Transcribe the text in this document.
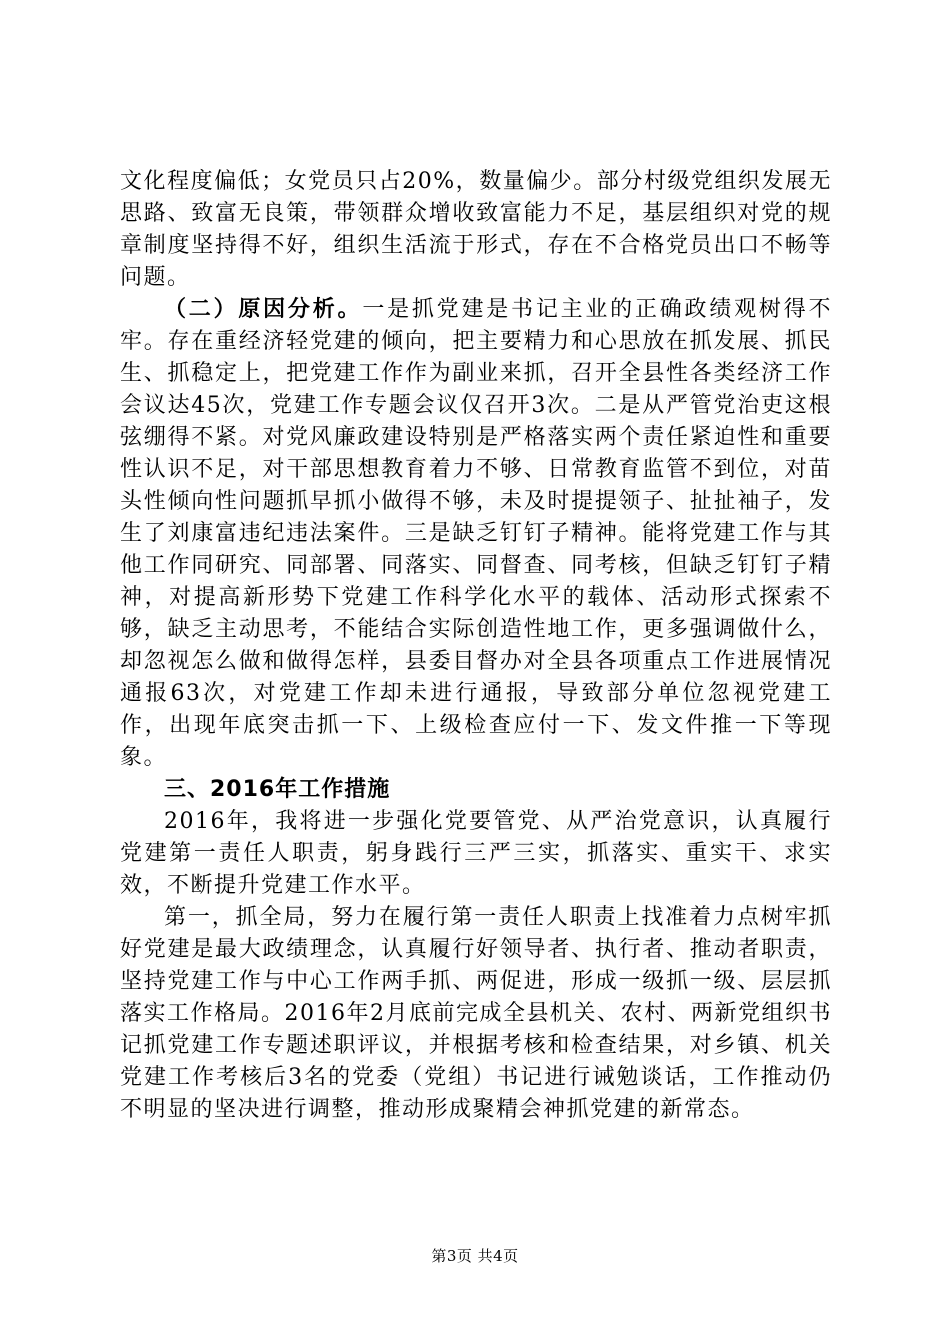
文化程度偏低；女党员只占20%，数量偏少。部分村级党组织发展无思路、致富无良策，带领群众增收致富能力不足，基层组织对党的规章制度坚持得不好，组织生活流于形式，存在不合格党员出口不畅等问题。

（二）原因分析。一是抓党建是书记主业的正确政绩观树得不牢。存在重经济轻党建的倾向，把主要精力和心思放在抓发展、抓民生、抓稳定上，把党建工作作为副业来抓，召开全县性各类经济工作会议达45次，党建工作专题会议仅召开3次。二是从严管党治吏这根弦绷得不紧。对党风廉政建设特别是严格落实两个责任紧迫性和重要性认识不足，对干部思想教育着力不够、日常教育监管不到位，对苗头性倾向性问题抓早抓小做得不够，未及时提提领子、扯扯袖子，发生了刘康富违纪违法案件。三是缺乏钉钉子精神。能将党建工作与其他工作同研究、同部署、同落实、同督查、同考核，但缺乏钉钉子精神，对提高新形势下党建工作科学化水平的载体、活动形式探索不够，缺乏主动思考，不能结合实际创造性地工作，更多强调做什么，却忽视怎么做和做得怎样，县委目督办对全县各项重点工作进展情况通报63次，对党建工作却未进行通报，导致部分单位忽视党建工作，出现年底突击抓一下、上级检查应付一下、发文件推一下等现象。

三、2016年工作措施

2016年，我将进一步强化党要管党、从严治党意识，认真履行党建第一责任人职责，躬身践行三严三实，抓落实、重实干、求实效，不断提升党建工作水平。

第一，抓全局，努力在履行第一责任人职责上找准着力点树牢抓好党建是最大政绩理念，认真履行好领导者、执行者、推动者职责，坚持党建工作与中心工作两手抓、两促进，形成一级抓一级、层层抓落实工作格局。2016年2月底前完成全县机关、农村、两新党组织书记抓党建工作专题述职评议，并根据考核和检查结果，对乡镇、机关党建工作考核后3名的党委（党组）书记进行诫勉谈话，工作推动仍不明显的坚决进行调整，推动形成聚精会神抓党建的新常态。

第3页 共4页
